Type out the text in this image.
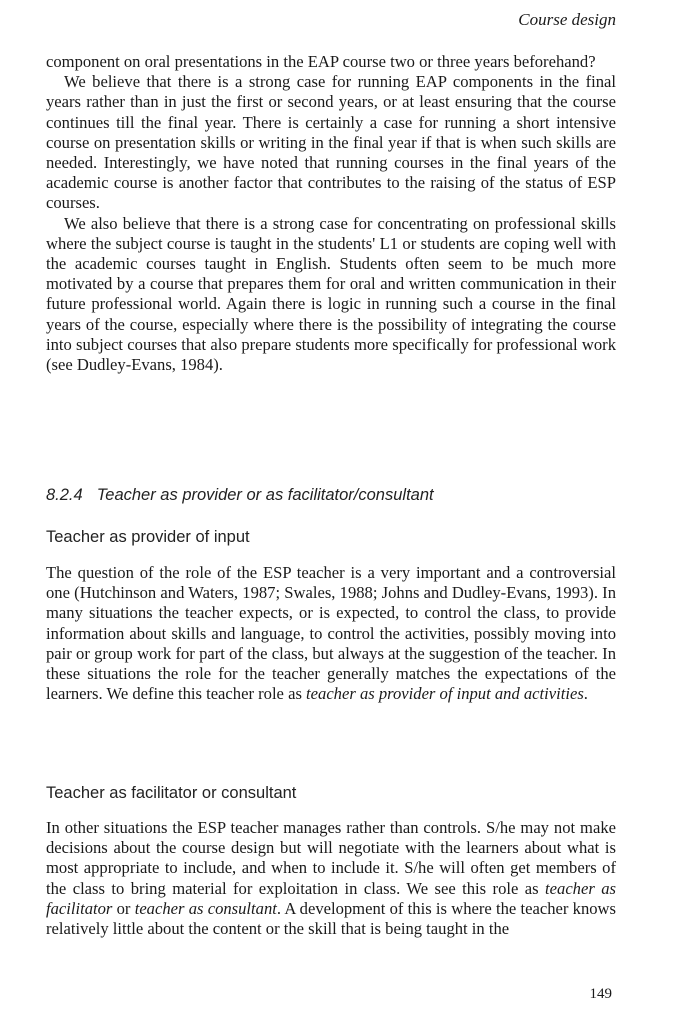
Course design

component on oral presentations in the EAP course two or three years beforehand?

We believe that there is a strong case for running EAP components in the final years rather than in just the first or second years, or at least ensuring that the course continues till the final year. There is certainly a case for running a short intensive course on presentation skills or writing in the final year if that is when such skills are needed. Interestingly, we have noted that running courses in the final years of the academic course is another factor that contributes to the raising of the status of ESP courses.

We also believe that there is a strong case for concentrating on professional skills where the subject course is taught in the students' L1 or students are coping well with the academic courses taught in English. Students often seem to be much more motivated by a course that prepares them for oral and written communication in their future professional world. Again there is logic in running such a course in the final years of the course, especially where there is the possibility of integrating the course into subject courses that also prepare students more specifically for professional work (see Dudley-Evans, 1984).

8.2.4 Teacher as provider or as facilitator/consultant
Teacher as provider of input

The question of the role of the ESP teacher is a very important and a controversial one (Hutchinson and Waters, 1987; Swales, 1988; Johns and Dudley-Evans, 1993). In many situations the teacher expects, or is expected, to control the class, to provide information about skills and language, to control the activities, possibly moving into pair or group work for part of the class, but always at the suggestion of the teacher. In these situations the role for the teacher generally matches the expectations of the learners. We define this teacher role as teacher as provider of input and activities.

Teacher as facilitator or consultant

In other situations the ESP teacher manages rather than controls. S/he may not make decisions about the course design but will negotiate with the learners about what is most appropriate to include, and when to include it. S/he will often get members of the class to bring material for exploitation in class. We see this role as teacher as facilitator or teacher as consultant. A development of this is where the teacher knows relatively little about the content or the skill that is being taught in the

149
